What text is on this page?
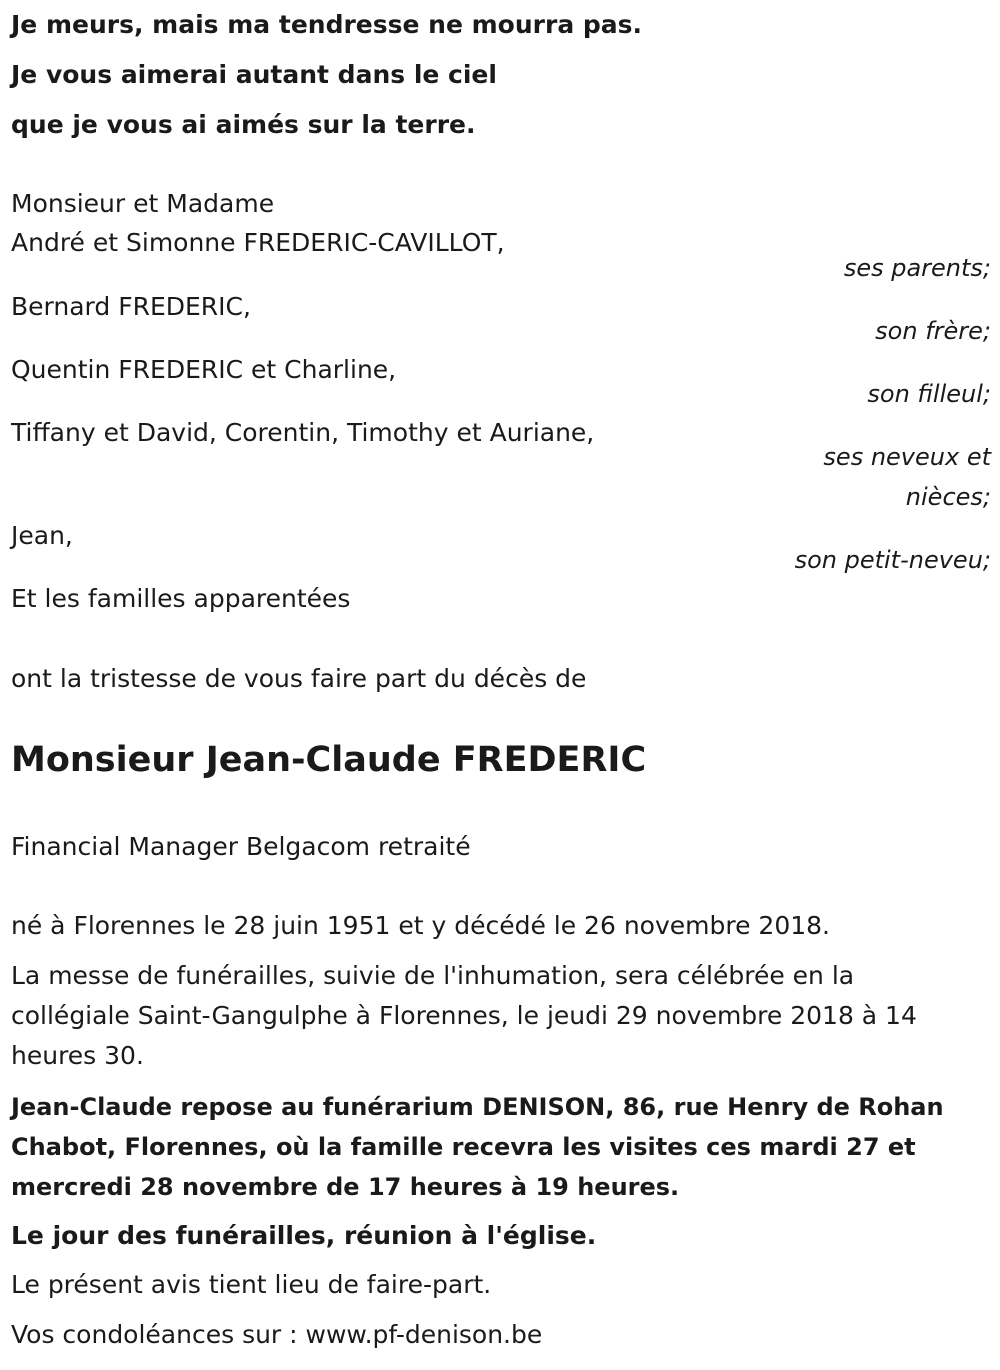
Je meurs, mais ma tendresse ne mourra pas.
Je vous aimerai autant dans le ciel
que je vous ai aimés sur la terre.
Monsieur et Madame
André et Simonne FREDERIC-CAVILLOT,
ses parents;
Bernard FREDERIC,
son frère;
Quentin FREDERIC et Charline,
son filleul;
Tiffany et David, Corentin, Timothy et Auriane,
ses neveux et
nièces;
Jean,
son petit-neveu;
Et les familles apparentées
ont la tristesse de vous faire part du décès de
Monsieur Jean-Claude FREDERIC
Financial Manager Belgacom retraité
né à Florennes le 28 juin 1951 et y décédé le 26 novembre 2018.
La messe de funérailles, suivie de l'inhumation, sera célébrée en la collégiale Saint-Gangulphe à Florennes, le jeudi 29 novembre 2018 à 14 heures 30.
Jean-Claude repose au funérarium DENISON, 86, rue Henry de Rohan Chabot, Florennes, où la famille recevra les visites ces mardi 27 et mercredi 28 novembre de 17 heures à 19 heures.
Le jour des funérailles, réunion à l'église.
Le présent avis tient lieu de faire-part.
Vos condoléances sur : www.pf-denison.be
